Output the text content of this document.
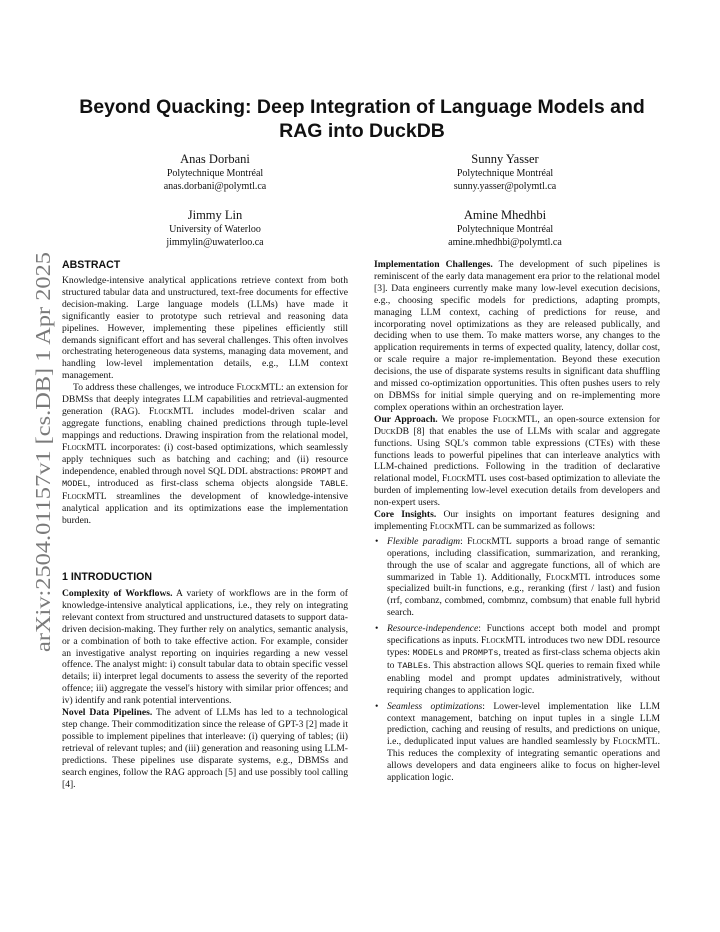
arXiv:2504.01157v1 [cs.DB] 1 Apr 2025
Beyond Quacking: Deep Integration of Language Models and RAG into DuckDB
Anas Dorbani
Polytechnique Montréal
anas.dorbani@polymtl.ca
Sunny Yasser
Polytechnique Montréal
sunny.yasser@polymtl.ca
Jimmy Lin
University of Waterloo
jimmylin@uwaterloo.ca
Amine Mhedhbi
Polytechnique Montréal
amine.mhedhbi@polymtl.ca
ABSTRACT

Knowledge-intensive analytical applications retrieve context from both structured tabular data and unstructured, text-free documents for effective decision-making. Large language models (LLMs) have made it significantly easier to prototype such retrieval and reasoning data pipelines. However, implementing these pipelines efficiently still demands significant effort and has several challenges. This often involves orchestrating heterogeneous data systems, managing data movement, and handling low-level implementation details, e.g., LLM context management.

To address these challenges, we introduce FlockMTL: an extension for DBMSs that deeply integrates LLM capabilities and retrieval-augmented generation (RAG). FlockMTL includes model-driven scalar and aggregate functions, enabling chained predictions through tuple-level mappings and reductions. Drawing inspiration from the relational model, FlockMTL incorporates: (i) cost-based optimizations, which seamlessly apply techniques such as batching and caching; and (ii) resource independence, enabled through novel SQL DDL abstractions: PROMPT and MODEL, introduced as first-class schema objects alongside TABLE. FlockMTL streamlines the development of knowledge-intensive analytical application and its optimizations ease the implementation burden.

1 INTRODUCTION

Complexity of Workflows. A variety of workflows are in the form of knowledge-intensive analytical applications, i.e., they rely on integrating relevant context from structured and unstructured datasets to support data-driven decision-making. They further rely on analytics, semantic analysis, or a combination of both to take effective action. For example, consider an investigative analyst reporting on inquiries regarding a new vessel offence. The analyst might: i) consult tabular data to obtain specific vessel details; ii) interpret legal documents to assess the severity of the reported offence; iii) aggregate the vessel's history with similar prior offences; and iv) identify and rank potential interventions.

Novel Data Pipelines. The advent of LLMs has led to a technological step change. Their commoditization since the release of GPT-3 [2] made it possible to implement pipelines that interleave: (i) querying of tables; (ii) retrieval of relevant tuples; and (iii) generation and reasoning using LLM-predictions. These pipelines use disparate systems, e.g., DBMSs and search engines, follow the RAG approach [5] and use possibly tool calling [4].

Implementation Challenges. The development of such pipelines is reminiscent of the early data management era prior to the relational model [3]. Data engineers currently make many low-level execution decisions, e.g., choosing specific models for predictions, adapting prompts, managing LLM context, caching of predictions for reuse, and incorporating novel optimizations as they are released publically, and deciding when to use them. To make matters worse, any changes to the application requirements in terms of expected quality, latency, dollar cost, or scale require a major re-implementation. Beyond these execution decisions, the use of disparate systems results in significant data shuffling and missed co-optimization opportunities. This often pushes users to rely on DBMSs for initial simple querying and on re-implementing more complex operations within an orchestration layer.

Our Approach. We propose FlockMTL, an open-source extension for DuckDB [8] that enables the use of LLMs with scalar and aggregate functions. Using SQL's common table expressions (CTEs) with these functions leads to powerful pipelines that can interleave analytics with LLM-chained predictions. Following in the tradition of declarative relational model, FlockMTL uses cost-based optimization to alleviate the burden of implementing low-level execution details from developers and non-expert users.

Core Insights. Our insights on important features designing and implementing FlockMTL can be summarized as follows:

• Flexible paradigm: FlockMTL supports a broad range of semantic operations, including classification, summarization, and reranking, through the use of scalar and aggregate functions, all of which are summarized in Table 1). Additionally, FlockMTL introduces some specialized built-in functions, e.g., reranking (first / last) and fusion (rrf, combanz, combmed, combmnz, combsum) that enable full hybrid search.
• Resource-independence: Functions accept both model and prompt specifications as inputs. FlockMTL introduces two new DDL resource types: MODELs and PROMPTs, treated as first-class schema objects akin to TABLEs. This abstraction allows SQL queries to remain fixed while enabling model and prompt updates administratively, without requiring changes to application logic.
• Seamless optimizations: Lower-level implementation like LLM context management, batching on input tuples in a single LLM prediction, caching and reusing of results, and predictions on unique, i.e., deduplicated input values are handled seamlessly by FlockMTL. This reduces the complexity of integrating semantic operations and allows developers and data engineers alike to focus on higher-level application logic.
